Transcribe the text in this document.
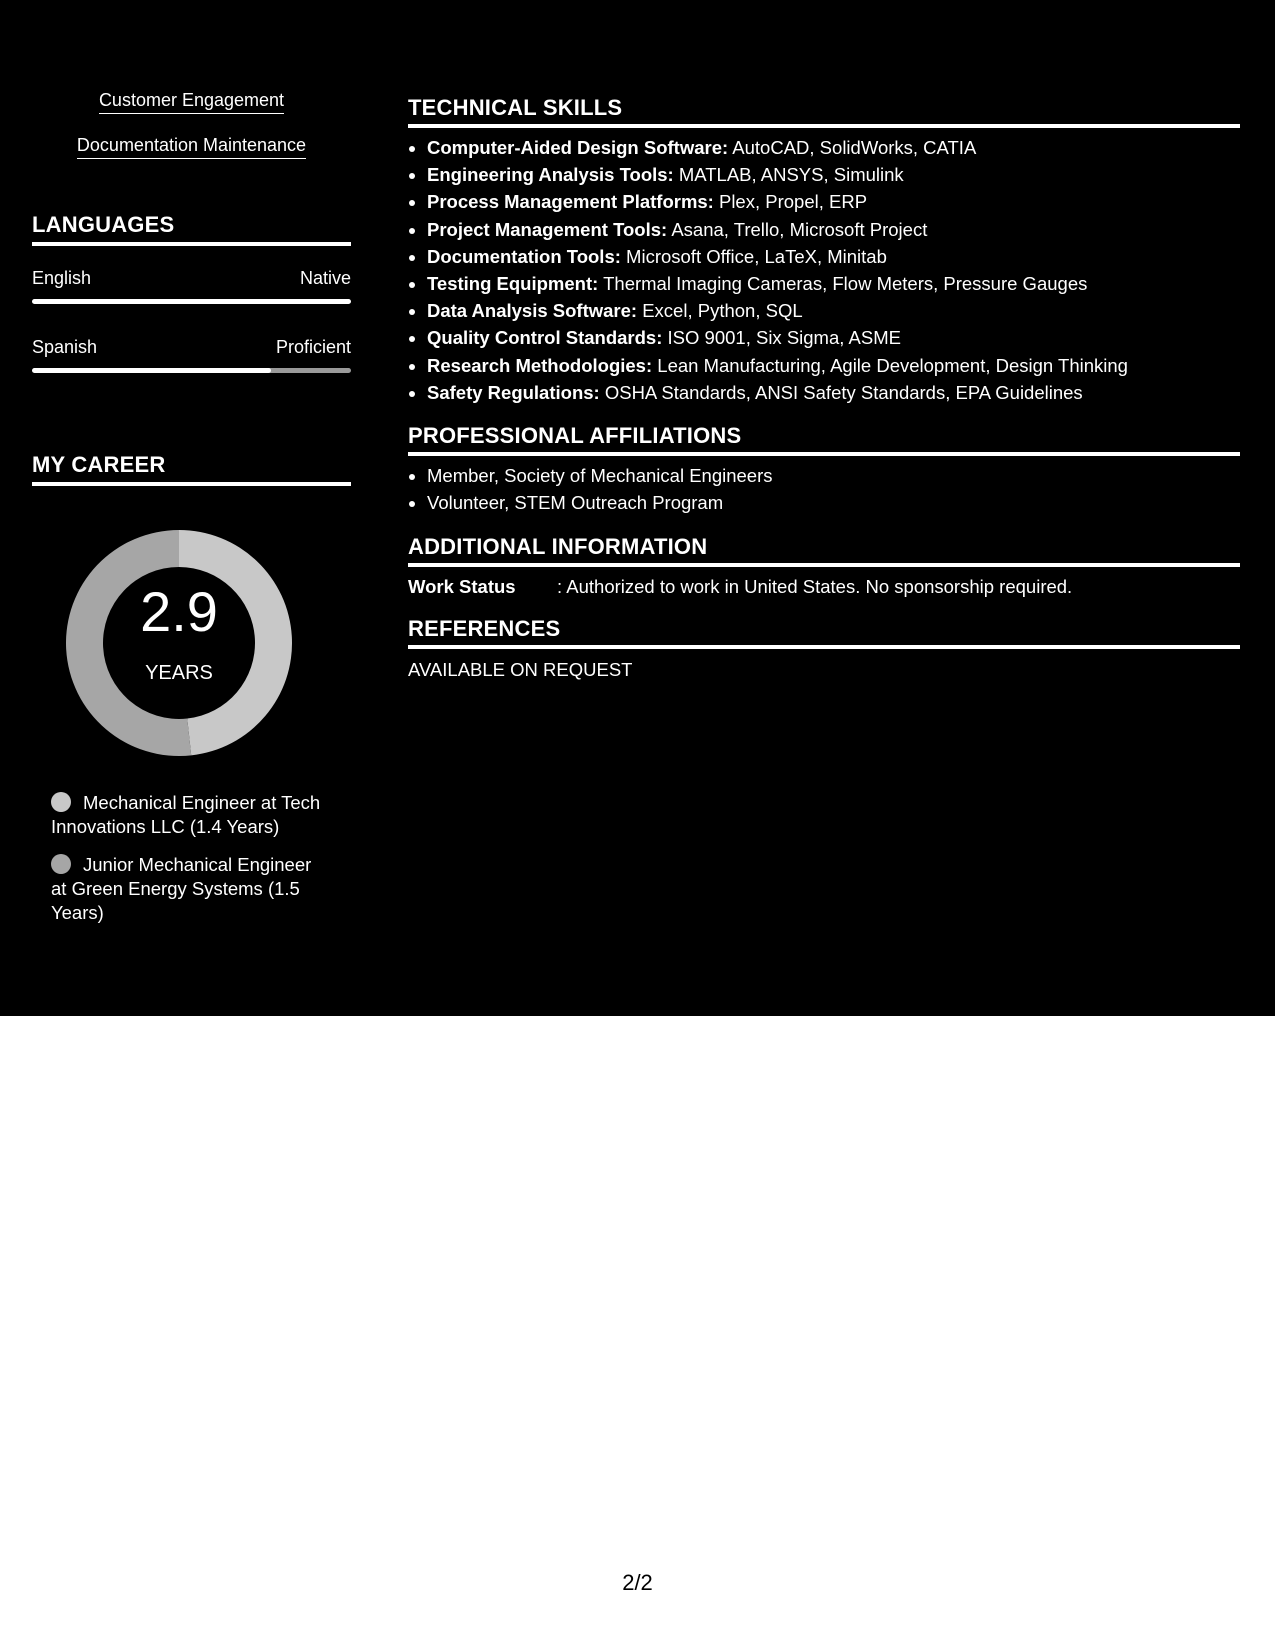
Customer Engagement
Documentation Maintenance
LANGUAGES
English	Native
Spanish	Proficient
MY CAREER
2.9
YEARS
Mechanical Engineer at Tech Innovations LLC (1.4 Years)
Junior Mechanical Engineer at Green Energy Systems (1.5 Years)
TECHNICAL SKILLS
• Computer-Aided Design Software: AutoCAD, SolidWorks, CATIA
• Engineering Analysis Tools: MATLAB, ANSYS, Simulink
• Process Management Platforms: Plex, Propel, ERP
• Project Management Tools: Asana, Trello, Microsoft Project
• Documentation Tools: Microsoft Office, LaTeX, Minitab
• Testing Equipment: Thermal Imaging Cameras, Flow Meters, Pressure Gauges
• Data Analysis Software: Excel, Python, SQL
• Quality Control Standards: ISO 9001, Six Sigma, ASME
• Research Methodologies: Lean Manufacturing, Agile Development, Design Thinking
• Safety Regulations: OSHA Standards, ANSI Safety Standards, EPA Guidelines
PROFESSIONAL AFFILIATIONS
• Member, Society of Mechanical Engineers
• Volunteer, STEM Outreach Program
ADDITIONAL INFORMATION
Work Status : Authorized to work in United States. No sponsorship required.
REFERENCES
AVAILABLE ON REQUEST
2/2
